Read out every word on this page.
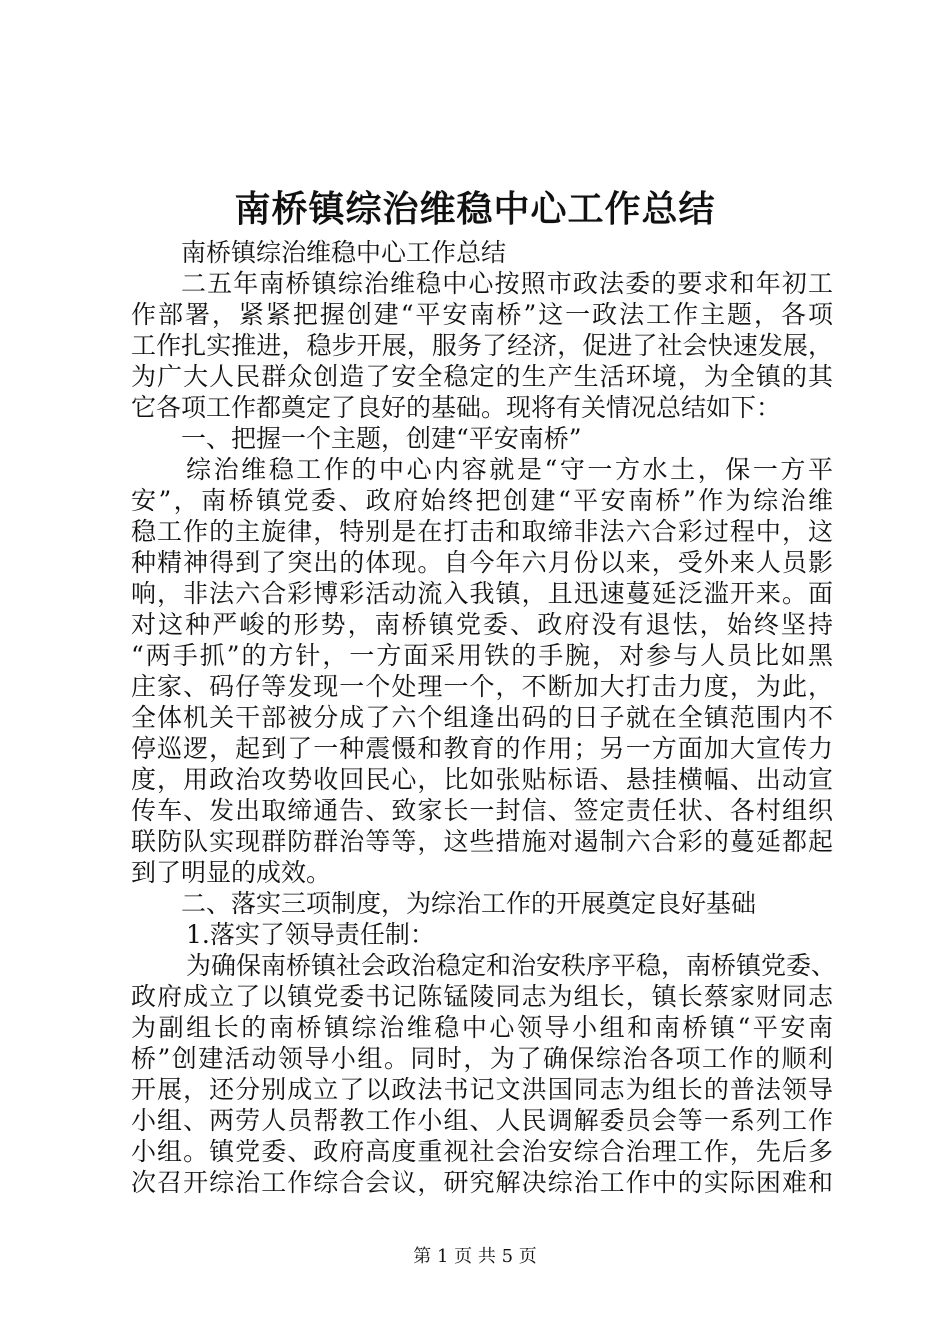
南桥镇综治维稳中心工作总结
南桥镇综治维稳中心工作总结
二五年南桥镇综治维稳中心按照市政法委的要求和年初工
作部署，紧紧把握创建“平安南桥”这一政法工作主题，各项
工作扎实推进，稳步开展，服务了经济，促进了社会快速发展，
为广大人民群众创造了安全稳定的生产生活环境，为全镇的其
它各项工作都奠定了良好的基础。现将有关情况总结如下：
一、把握一个主题，创建“平安南桥”
综治维稳工作的中心内容就是“守一方水土，保一方平
安”，南桥镇党委、政府始终把创建“平安南桥”作为综治维
稳工作的主旋律，特别是在打击和取缔非法六合彩过程中，这
种精神得到了突出的体现。自今年六月份以来，受外来人员影
响，非法六合彩博彩活动流入我镇，且迅速蔓延泛滥开来。面
对这种严峻的形势，南桥镇党委、政府没有退怯，始终坚持
“两手抓”的方针，一方面采用铁的手腕，对参与人员比如黑
庄家、码仔等发现一个处理一个，不断加大打击力度，为此，
全体机关干部被分成了六个组逢出码的日子就在全镇范围内不
停巡逻，起到了一种震慑和教育的作用；另一方面加大宣传力
度，用政治攻势收回民心，比如张贴标语、悬挂横幅、出动宣
传车、发出取缔通告、致家长一封信、签定责任状、各村组织
联防队实现群防群治等等，这些措施对遏制六合彩的蔓延都起
到了明显的成效。
二、落实三项制度，为综治工作的开展奠定良好基础
1.落实了领导责任制：
为确保南桥镇社会政治稳定和治安秩序平稳，南桥镇党委、
政府成立了以镇党委书记陈锰陵同志为组长，镇长蔡家财同志
为副组长的南桥镇综治维稳中心领导小组和南桥镇“平安南
桥”创建活动领导小组。同时，为了确保综治各项工作的顺利
开展，还分别成立了以政法书记文洪国同志为组长的普法领导
小组、两劳人员帮教工作小组、人民调解委员会等一系列工作
小组。镇党委、政府高度重视社会治安综合治理工作，先后多
次召开综治工作综合会议，研究解决综治工作中的实际困难和
第 1 页 共 5 页
